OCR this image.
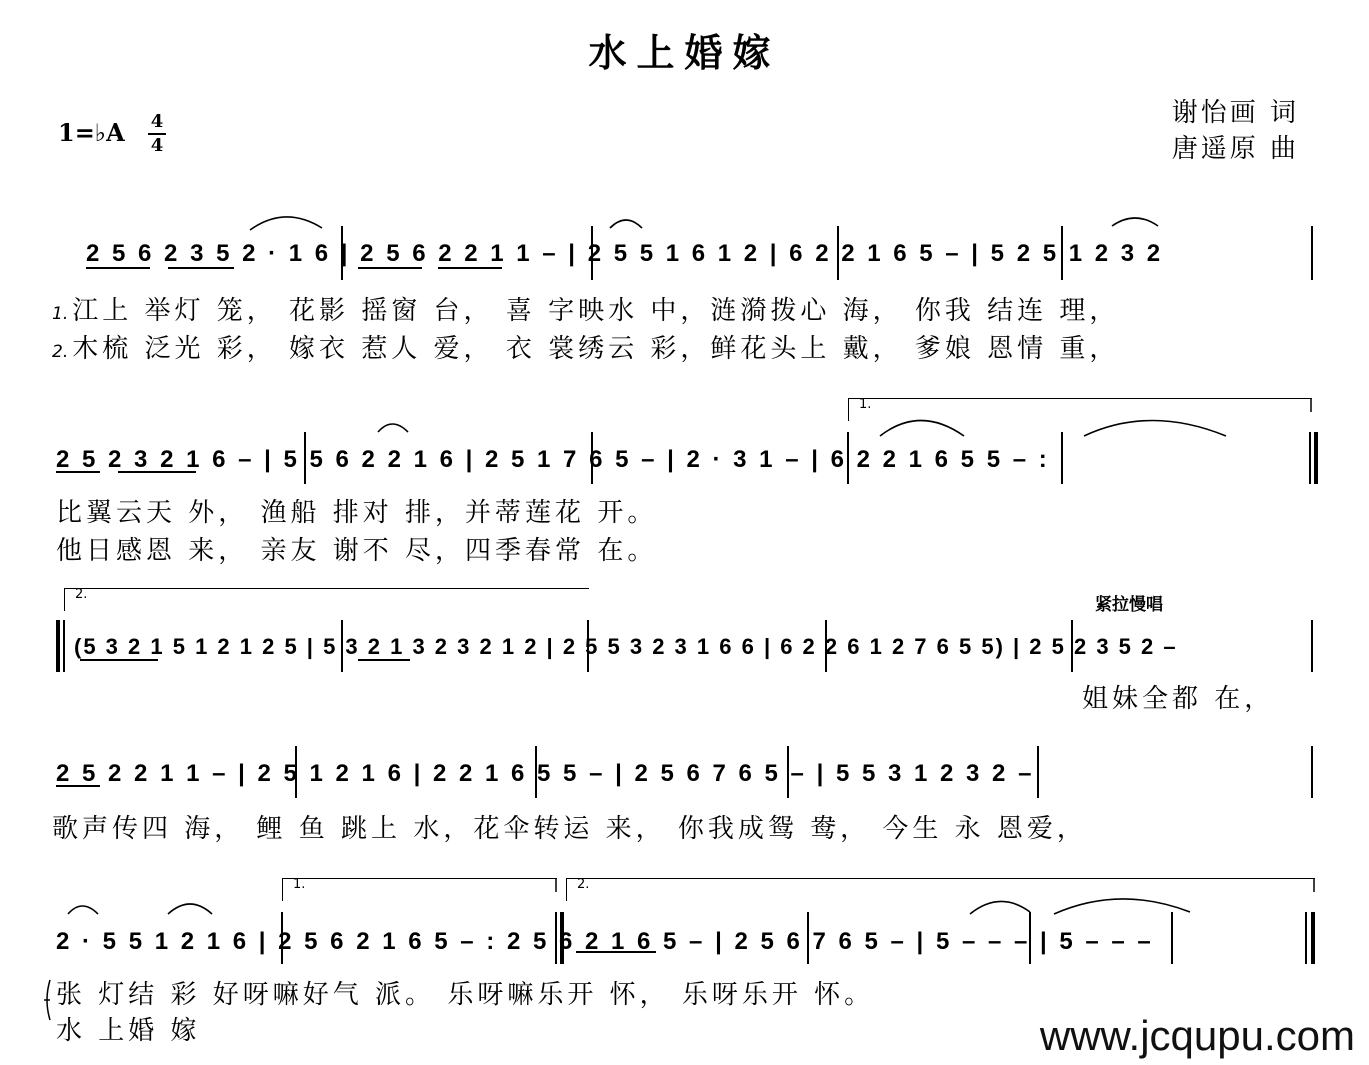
水上婚嫁
1=♭A 4
4
谢怡画 词
唐遥原 曲
2 5 6 2 3 5 2 · 1 6 | 2 5 6 2 2 1 1 – | 2 5 5 1 6 1 2 | 6 2 2 1 6 5 – | 5 2 5 1 2 3 2
1. 江上 举灯 笼， 花影 摇窗 台， 喜 字映水 中，涟漪拨心 海， 你我 结连 理，
2. 木梳 泛光 彩， 嫁衣 惹人 爱， 衣 裳绣云 彩，鲜花头上 戴， 爹娘 恩情 重，
1.
2 5 2 3 2 1 6 – | 5 5 6 2 2 1 6 | 2 5 1 7 6 5 – | 2 · 3 1 – | 6 2 2 1 6 5 5 – :
比翼云天 外， 渔船 排对 排，并蒂莲花 开。
他日感恩 来， 亲友 谢不 尽，四季春常 在。
2.
紧拉慢唱
(5 3 2 1 5 1 2 1 2 5 | 5 3 2 1 3 2 3 2 1 2 | 2 5 5 3 2 3 1 6 6 | 6 2 2 6 1 2 7 6 5 5) | 2 5 2 3 5 2 –
姐妹全都 在，
2 5 2 2 1 1 – | 2 5 1 2 1 6 | 2 2 1 6 5 5 – | 2 5 6 7 6 5 – | 5 5 3 1 2 3 2 –
歌声传四 海， 鲤 鱼 跳上 水，花伞转运 来， 你我成鸳 鸯， 今生 永 恩爱，
1.	2.
2 · 5 5 1 2 1 6 | 2 5 6 2 1 6 5 – : 2 5 6 2 1 6 5 – | 2 5 6 7 6 5 – | 5 – – – | 5 – – –
张 灯结 彩 好呀嘛好气 派。 乐呀嘛乐开 怀， 乐呀乐开 怀。
水 上婚 嫁	www.jcqupu.com
